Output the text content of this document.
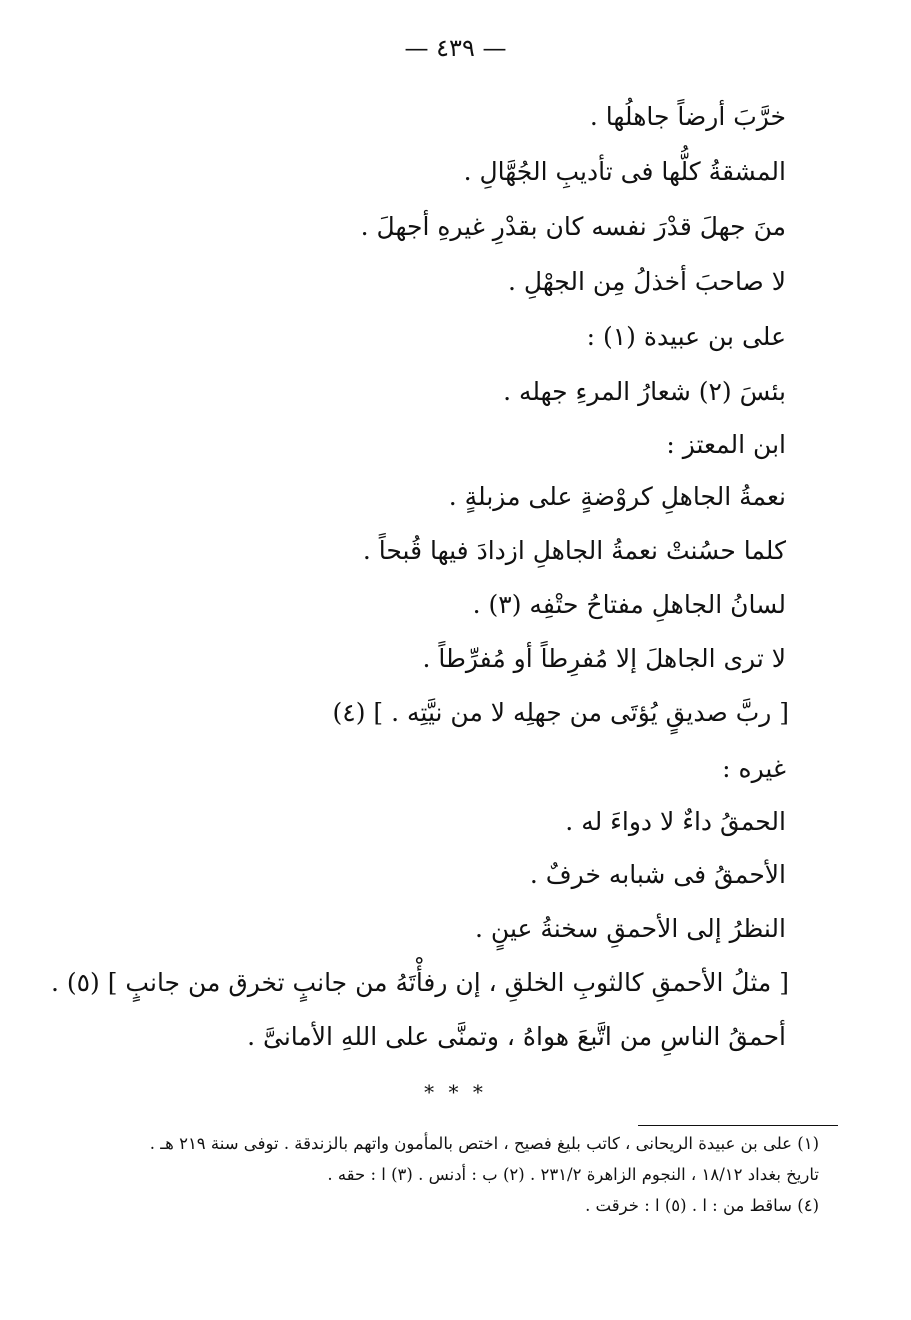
— ٤٣٩ —
خرَّبَ أرضاً جاهلُها .
المشقةُ كلُّها فى تأديبِ الجُهَّالِ .
منَ جهلَ قدْرَ نفسه كان بقدْرِ غيرهِ أجهلَ .
لا صاحبَ أخذلُ مِن الجهْلِ .
على بن عبيدة (١) :
بئسَ (٢) شعارُ المرءِ جهله .
ابن المعتز :
نعمةُ الجاهلِ كروْضةٍ على مزبلةٍ .
كلما حسُنتْ نعمةُ الجاهلِ ازدادَ فيها قُبحاً .
لسانُ الجاهلِ مفتاحُ حتْفِه (٣) .
لا ترى الجاهلَ إلا مُفرِطاً أو مُفرِّطاً .
[ ربَّ صديقٍ يُؤتَى من جهلِه لا من نيَّتِه . ] (٤)
غيره :
الحمقُ داءٌ لا دواءَ له .
الأحمقُ فى شبابه خرفٌ .
النظرُ إلى الأحمقِ سخنةُ عينٍ .
[ مثلُ الأحمقِ كالثوبِ الخلقِ ، إن رفأْتَهُ من جانبٍ تخرق من جانبٍ ] (٥) .
أحمقُ الناسِ من اتَّبعَ هواهُ ، وتمنَّى على اللهِ الأمانىَّ .
* * *
(١) على بن عبيدة الريحانى ، كاتب بليغ فصيح ، اختص بالمأمون واتهم بالزندقة . توفى سنة ٢١٩ هـ .
تاريخ بغداد ١٨/١٢ ، النجوم الزاهرة ٢٣١/٢ . (٢) ب : أدنس . (٣) ا : حقه .
(٤) ساقط من : ا . (٥) ا : خرقت .
